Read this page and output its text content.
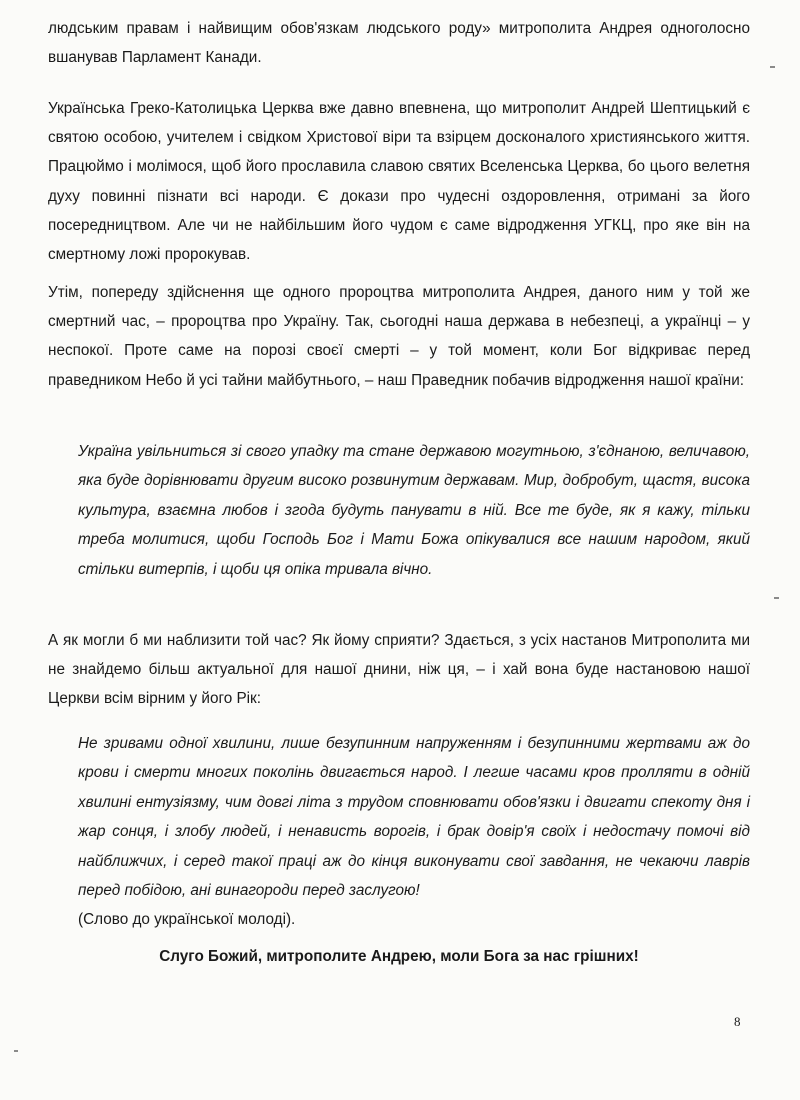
людським правам і найвищим обов'язкам людського роду» митрополита Андрея одноголосно вшанував Парламент Канади.

Українська Греко-Католицька Церква вже давно впевнена, що митрополит Андрей Шептицький є святою особою, учителем і свідком Христової віри та взірцем досконалого християнського життя. Працюймо і молімося, щоб його прославила славою святих Вселенська Церква, бо цього велетня духу повинні пізнати всі народи. Є докази про чудесні оздоровлення, отримані за його посередництвом. Але чи не найбільшим його чудом є саме відродження УГКЦ, про яке він на смертному ложі пророкував.

Утім, попереду здійснення ще одного пророцтва митрополита Андрея, даного ним у той же смертний час, – пророцтва про Україну. Так, сьогодні наша держава в небезпеці, а українці – у неспокої. Проте саме на порозі своєї смерті – у той момент, коли Бог відкриває перед праведником Небо й усі тайни майбутнього, – наш Праведник побачив відродження нашої країни:

Україна увільниться зі свого упадку та стане державою могутньою, з'єднаною, величавою, яка буде дорівнювати другим високо розвинутим державам. Мир, добробут, щастя, висока культура, взаємна любов і згода будуть панувати в ній. Все те буде, як я кажу, тільки треба молитися, щоби Господь Бог і Мати Божа опікувалися все нашим народом, який стільки витерпів, і щоби ця опіка тривала вічно.

А як могли б ми наблизити той час? Як йому сприяти? Здається, з усіх настанов Митрополита ми не знайдемо більш актуальної для нашої днини, ніж ця, – і хай вона буде настановою нашої Церкви всім вірним у його Рік:

Не зривами одної хвилини, лише безупинним напруженням і безупинними жертвами аж до крови і смерти многих поколінь двигається народ. І легше часами кров пролляти в одній хвилині ентузіязму, чим довгі літа з трудом сповнювати обов'язки і двигати спекоту дня і жар сонця, і злобу людей, і ненависть ворогів, і брак довір'я своїх і недостачу помочі від найближчих, і серед такої праці аж до кінця виконувати свої завдання, не чекаючи лаврів перед побідою, ані винагороди перед заслугою!
(Слово до української молоді).

Слуго Божий, митрополите Андрею, моли Бога за нас грішних!

8
